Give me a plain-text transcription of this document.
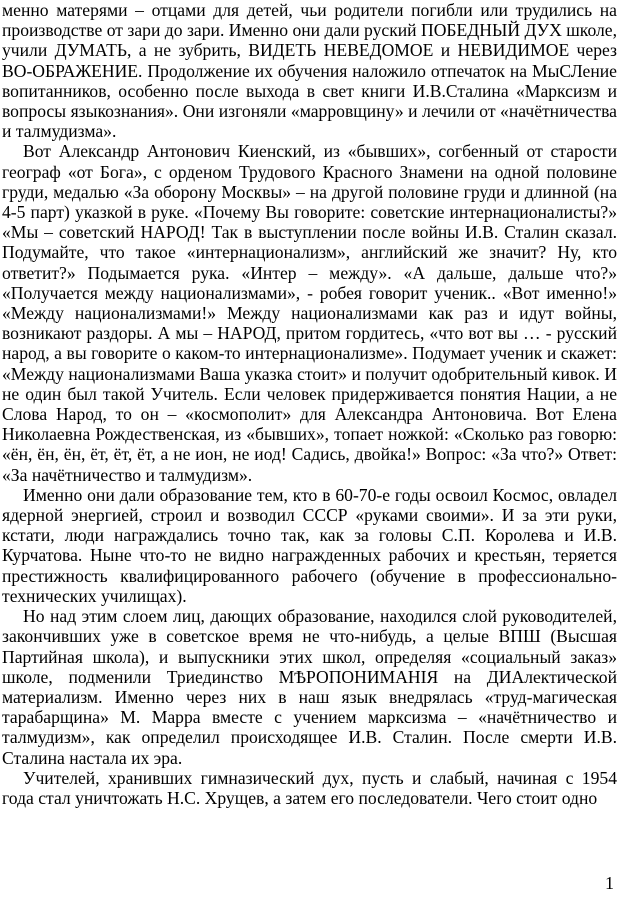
менно матерями – отцами для детей, чьи родители погибли или трудились на производстве от зари до зари. Именно они дали руский ПОБЕДНЫЙ ДУХ школе, учили ДУМАТЬ, а не зубрить, ВИДЕТЬ НЕВЕДОМОЕ и НЕВИДИМОЕ через ВО-ОБРАЖЕНИЕ. Продолжение их обучения наложило отпечаток на МыСЛение вопитанников, особенно после выхода в свет книги И.В.Сталина «Марксизм и вопросы языкознания». Они изгоняли «марровщину» и лечили от «начётничества и талмудизма».

Вот Александр Антонович Киенский, из «бывших», согбенный от старости географ «от Бога», с орденом Трудового Красного Знамени на одной половине груди, медалью «За оборону Москвы» – на другой половине груди и длинной (на 4-5 парт) указкой в руке. «Почему Вы говорите: советские интернационалисты?» «Мы – советский НАРОД! Так в выступлении после войны И.В. Сталин сказал. Подумайте, что такое «интернационализм», английский же значит? Ну, кто ответит?» Подымается рука. «Интер – между». «А дальше, дальше что?» «Получается между национализмами», - робея говорит ученик.. «Вот именно!» «Между национализмами!» Между национализмами как раз и идут войны, возникают раздоры. А мы – НАРОД, притом гордитесь, «что вот вы … - русский народ, а вы говорите о каком-то интернационализме». Подумает ученик и скажет: «Между национализмами Ваша указка стоит» и получит одобрительный кивок. И не один был такой Учитель. Если человек придерживается понятия Нации, а не Слова Народ, то он – «космополит» для Александра Антоновича. Вот Елена Николаевна Рождественская, из «бывших», топает ножкой: «Сколько раз говорю: «ён, ён, ён, ёт, ёт, ёт, а не ион, не иод! Садись, двойка!» Вопрос: «За что?» Ответ: «За начётничество и талмудизм».

Именно они дали образование тем, кто в 60-70-е годы освоил Космос, овладел ядерной энергией, строил и возводил СССР «руками своими». И за эти руки, кстати, люди награждались точно так, как за головы С.П. Королева и И.В. Курчатова. Ныне что-то не видно награжденных рабочих и крестьян, теряется престижность квалифицированного рабочего (обучение в профессионально-технических училищах).

Но над этим слоем лиц, дающих образование, находился слой руководителей, закончивших уже в советское время не что-нибудь, а целые ВПШ (Высшая Партийная школа), и выпускники этих школ, определяя «социальный заказ» школе, подменили Триединство МѢРОПОНИМАНIЯ на ДИАлектической материализм. Именно через них в наш язык внедрялась «труд-магическая тарабарщина» М. Марра вместе с учением марксизма – «начётничество и талмудизм», как определил происходящее И.В. Сталин. После смерти И.В. Сталина настала их эра.

Учителей, хранивших гимназический дух, пусть и слабый, начиная с 1954 года стал уничтожать Н.С. Хрущев, а затем его последователи. Чего стоит одно

1
